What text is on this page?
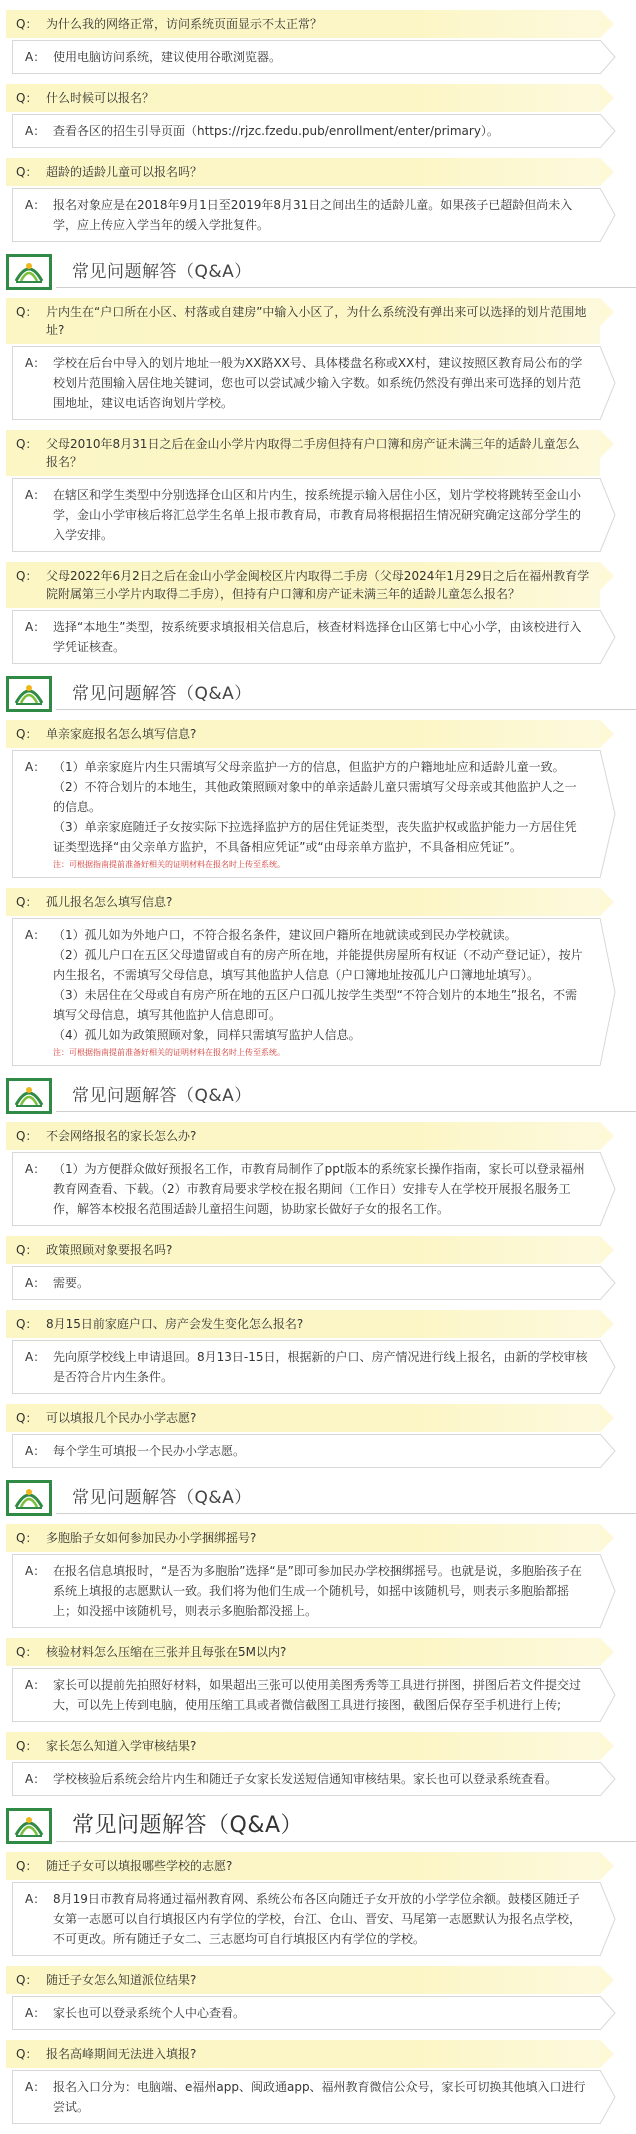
Q： 为什么我的网络正常，访问系统页面显示不太正常？
A： 使用电脑访问系统，建议使用谷歌浏览器。

Q： 什么时候可以报名？
A： 查看各区的招生引导页面（https://rjzc.fzedu.pub/enrollment/enter/primary）。

Q： 超龄的适龄儿童可以报名吗？
A： 报名对象应是在2018年9月1日至2019年8月31日之间出生的适龄儿童。如果孩子已超龄但尚未入学，应上传应入学当年的缓入学批复件。

常见问题解答（Q&A）
Q： 片内生在“户口所在小区、村落或自建房”中输入小区了，为什么系统没有弹出来可以选择的划片范围地址?
A： 学校在后台中导入的划片地址一般为XX路XX号、具体楼盘名称或XX村，建议按照区教育局公布的学校划片范围输入居住地关键词，您也可以尝试减少输入字数。如系统仍然没有弹出来可选择的划片范围地址，建议电话咨询划片学校。

Q： 父母2010年8月31日之后在金山小学片内取得二手房但持有户口簿和房产证未满三年的适龄儿童怎么报名？
A： 在辖区和学生类型中分别选择仓山区和片内生，按系统提示输入居住小区，划片学校将跳转至金山小学，金山小学审核后将汇总学生名单上报市教育局，市教育局将根据招生情况研究确定这部分学生的入学安排。

Q： 父母2022年6月2日之后在金山小学金闽校区片内取得二手房（父母2024年1月29日之后在福州教育学院附属第三小学片内取得二手房），但持有户口簿和房产证未满三年的适龄儿童怎么报名？
A： 选择“本地生”类型，按系统要求填报相关信息后，核查材料选择仓山区第七中心小学，由该校进行入学凭证核查。

常见问题解答（Q&A）
Q： 单亲家庭报名怎么填写信息?
A： （1）单亲家庭片内生只需填写父母亲监护一方的信息，但监护方的户籍地址应和适龄儿童一致。

（2）不符合划片的本地生，其他政策照顾对象中的单亲适龄儿童只需填写父母亲或其他监护人之一的信息。

（3）单亲家庭随迁子女按实际下拉选择监护方的居住凭证类型，丧失监护权或监护能力一方居住凭证类型选择“由父亲单方监护，不具备相应凭证”或“由母亲单方监护，不具备相应凭证”。

注：可根据指南提前准备好相关的证明材料在报名时上传至系统。
Q： 孤儿报名怎么填写信息?
A： （1）孤儿如为外地户口，不符合报名条件，建议回户籍所在地就读或到民办学校就读。

（2）孤儿户口在五区父母遗留或自有的房产所在地，并能提供房屋所有权证（不动产登记证），按片内生报名，不需填写父母信息，填写其他监护人信息（户口簿地址按孤儿户口簿地址填写）。

（3）未居住在父母或自有房产所在地的五区户口孤儿按学生类型“不符合划片的本地生”报名，不需填写父母信息，填写其他监护人信息即可。

（4）孤儿如为政策照顾对象，同样只需填写监护人信息。

注：可根据指南提前准备好相关的证明材料在报名时上传至系统。
常见问题解答（Q&A）
Q： 不会网络报名的家长怎么办?
A： （1）为方便群众做好预报名工作，市教育局制作了ppt版本的系统家长操作指南，家长可以登录福州教育网查看、下载。（2）市教育局要求学校在报名期间（工作日）安排专人在学校开展报名服务工作，解答本校报名范围适龄儿童招生问题，协助家长做好子女的报名工作。

Q： 政策照顾对象要报名吗?
A： 需要。

Q： 8月15日前家庭户口、房产会发生变化怎么报名?
A： 先向原学校线上申请退回。8月13日-15日，根据新的户口、房产情况进行线上报名，由新的学校审核是否符合片内生条件。

Q： 可以填报几个民办小学志愿?
A： 每个学生可填报一个民办小学志愿。

常见问题解答（Q&A）
Q： 多胞胎子女如何参加民办小学捆绑摇号?
A： 在报名信息填报时，“是否为多胞胎”选择“是”即可参加民办学校捆绑摇号。也就是说，多胞胎孩子在系统上填报的志愿默认一致。我们将为他们生成一个随机号，如摇中该随机号，则表示多胞胎都摇上；如没摇中该随机号，则表示多胞胎都没摇上。

Q： 核验材料怎么压缩在三张并且每张在5M以内?
A： 家长可以提前先拍照好材料，如果超出三张可以使用美图秀秀等工具进行拼图，拼图后若文件提交过大，可以先上传到电脑，使用压缩工具或者微信截图工具进行接图，截图后保存至手机进行上传;

Q： 家长怎么知道入学审核结果?
A： 学校核验后系统会给片内生和随迁子女家长发送短信通知审核结果。家长也可以登录系统查看。

常见问题解答（Q&A）
Q： 随迁子女可以填报哪些学校的志愿?
A： 8月19日市教育局将通过福州教育网、系统公布各区向随迁子女开放的小学学位余额。鼓楼区随迁子女第一志愿可以自行填报区内有学位的学校，台江、仓山、晋安、马尾第一志愿默认为报名点学校，不可更改。所有随迁子女二、三志愿均可自行填报区内有学位的学校。

Q： 随迁子女怎么知道派位结果?
A： 家长也可以登录系统个人中心查看。

Q： 报名高峰期间无法进入填报?
A： 报名入口分为：电脑端、e福州app、闽政通app、福州教育微信公众号，家长可切换其他填入口进行尝试。
